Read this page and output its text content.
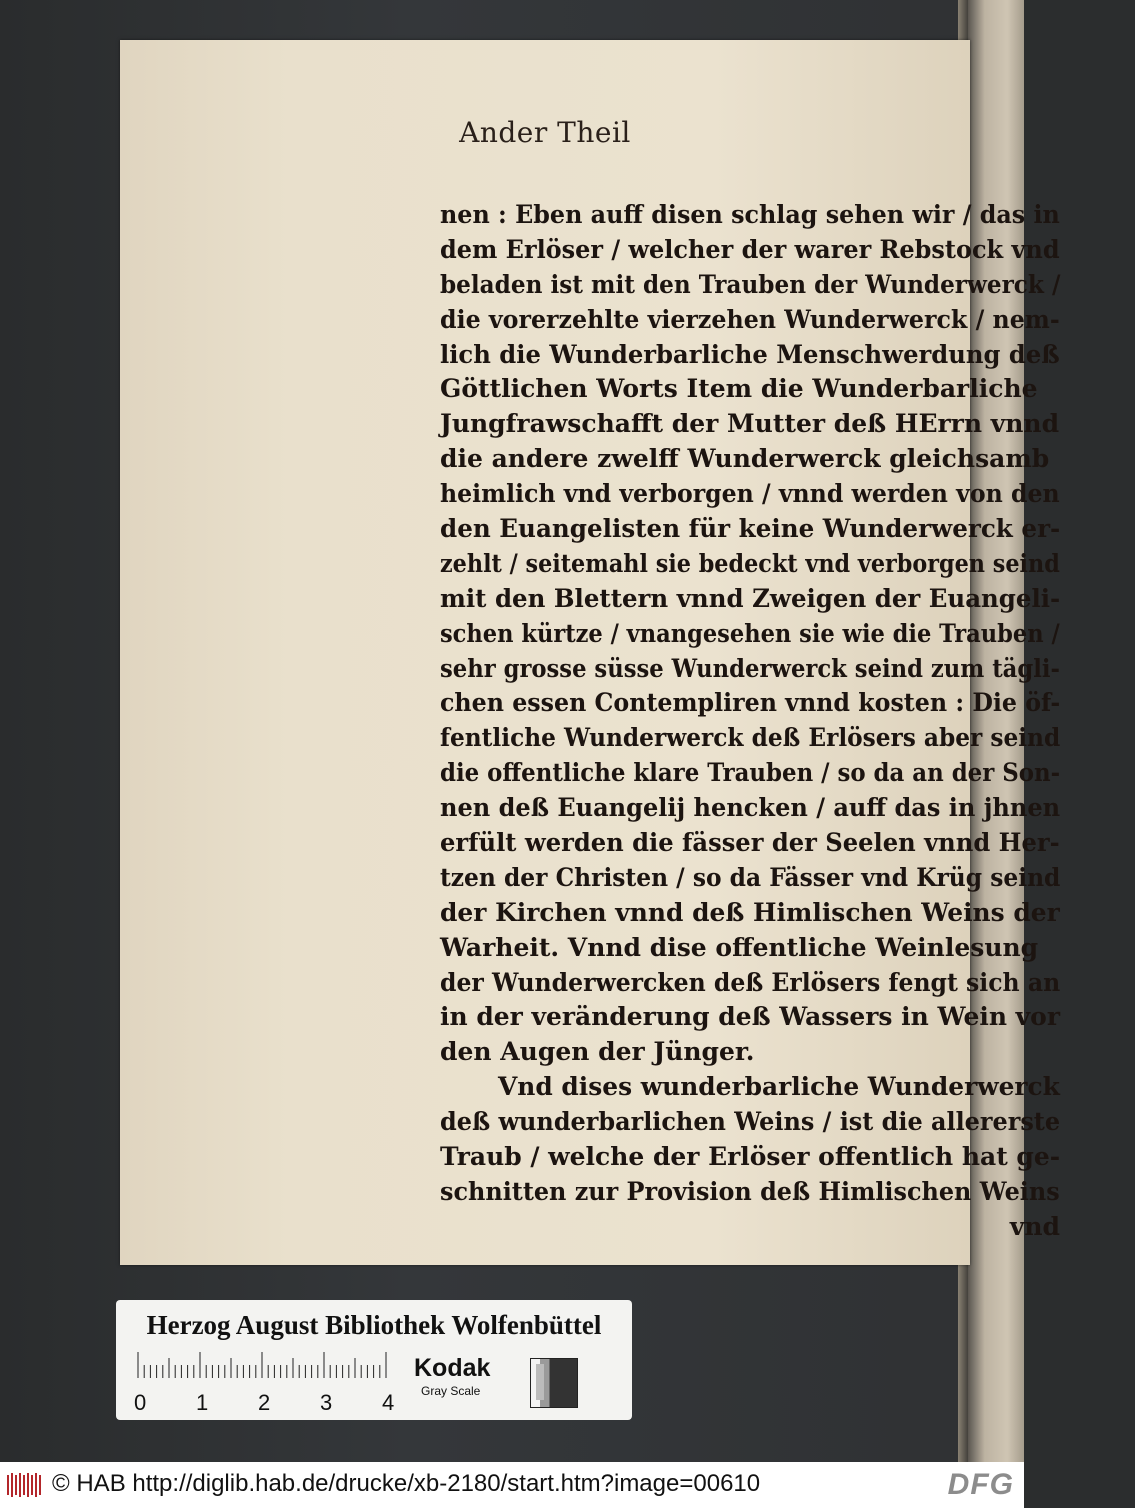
Ander Theil
nen : Eben auff disen schlag sehen wir / das in
dem Erlöser / welcher der warer Rebstock vnd
beladen ist mit den Trauben der Wunderwerck /
die vorerzehlte vierzehen Wunderwerck / nem-
lich die Wunderbarliche Menschwerdung deß
Göttlichen Worts Item die Wunderbarliche
Jungfrawschafft der Mutter deß HErrn vnnd
die andere zwelff Wunderwerck gleichsamb
heimlich vnd verborgen / vnnd werden von den
den Euangelisten für keine Wunderwerck er-
zehlt / seitemahl sie bedeckt vnd verborgen seind
mit den Blettern vnnd Zweigen der Euangeli-
schen kürtze / vnangesehen sie wie die Trauben /
sehr grosse süsse Wunderwerck seind zum tägli-
chen essen Contempliren vnnd kosten : Die öf-
fentliche Wunderwerck deß Erlösers aber seind
die offentliche klare Trauben / so da an der Son-
nen deß Euangelij hencken / auff das in jhnen
erfült werden die fässer der Seelen vnnd Her-
tzen der Christen / so da Fässer vnd Krüg seind
der Kirchen vnnd deß Himlischen Weins der
Warheit. Vnnd dise offentliche Weinlesung
der Wunderwercken deß Erlösers fengt sich an
in der veränderung deß Wassers in Wein vor
den Augen der Jünger.
Vnd dises wunderbarliche Wunderwerck
deß wunderbarlichen Weins / ist die allererste
Traub / welche der Erlöser offentlich hat ge-
schnitten zur Provision deß Himlischen Weins
vnd
Herzog August Bibliothek Wolfenbüttel
0 1 2 3 4
Kodak
Gray Scale
© HAB http://diglib.hab.de/drucke/xb-2180/start.htm?image=00610	DFG
